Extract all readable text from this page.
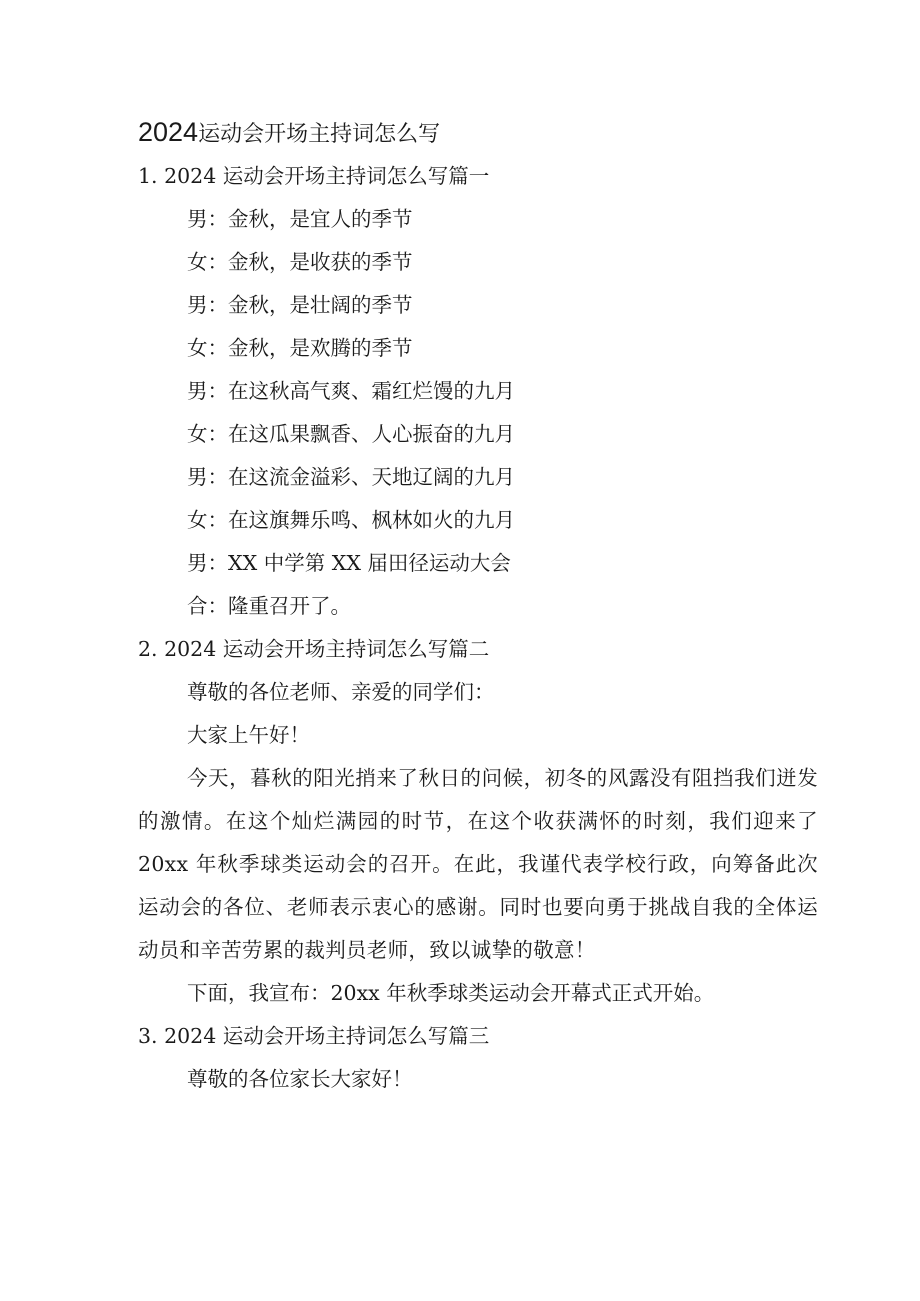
2024运动会开场主持词怎么写

1. 2024 运动会开场主持词怎么写篇一

男：金秋，是宜人的季节

女：金秋，是收获的季节

男：金秋，是壮阔的季节

女：金秋，是欢腾的季节

男：在这秋高气爽、霜红烂馒的九月

女：在这瓜果飘香、人心振奋的九月

男：在这流金溢彩、天地辽阔的九月

女：在这旗舞乐鸣、枫林如火的九月

男：XX 中学第 XX 届田径运动大会

合：隆重召开了。

2. 2024 运动会开场主持词怎么写篇二

尊敬的各位老师、亲爱的同学们：

大家上午好！

今天，暮秋的阳光捎来了秋日的问候，初冬的风露没有阻挡我们迸发的激情。在这个灿烂满园的时节，在这个收获满怀的时刻，我们迎来了 20xx 年秋季球类运动会的召开。在此，我谨代表学校行政，向筹备此次运动会的各位、老师表示衷心的感谢。同时也要向勇于挑战自我的全体运动员和辛苦劳累的裁判员老师，致以诚挚的敬意！

下面，我宣布：20xx 年秋季球类运动会开幕式正式开始。

3. 2024 运动会开场主持词怎么写篇三

尊敬的各位家长大家好！
